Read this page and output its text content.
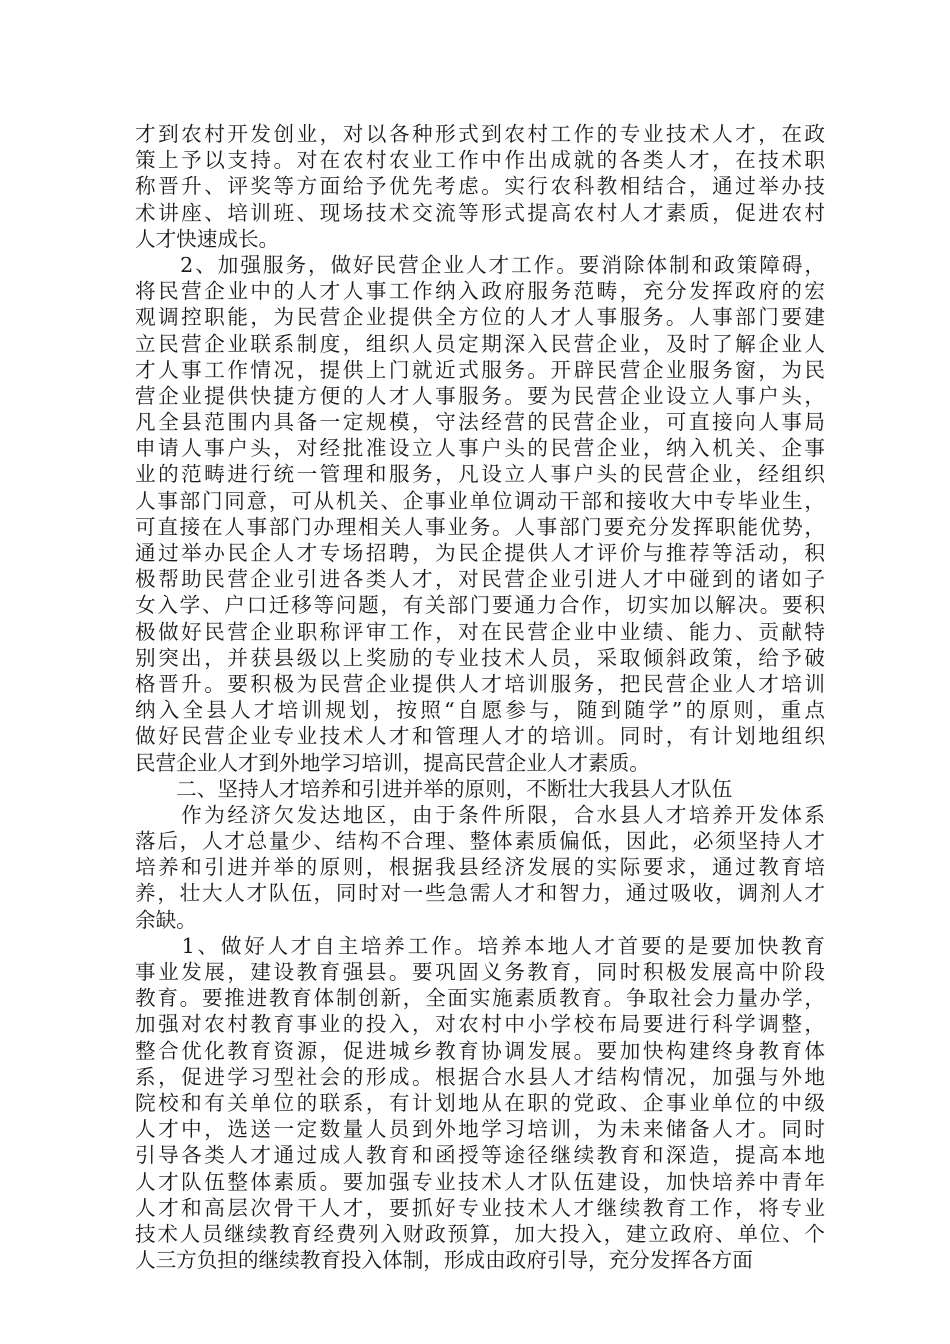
才到农村开发创业，对以各种形式到农村工作的专业技术人才，在政
策上予以支持。对在农村农业工作中作出成就的各类人才，在技术职
称晋升、评奖等方面给予优先考虑。实行农科教相结合，通过举办技
术讲座、培训班、现场技术交流等形式提高农村人才素质，促进农村
人才快速成长。
　　2、加强服务，做好民营企业人才工作。要消除体制和政策障碍，
将民营企业中的人才人事工作纳入政府服务范畴，充分发挥政府的宏
观调控职能，为民营企业提供全方位的人才人事服务。人事部门要建
立民营企业联系制度，组织人员定期深入民营企业，及时了解企业人
才人事工作情况，提供上门就近式服务。开辟民营企业服务窗，为民
营企业提供快捷方便的人才人事服务。要为民营企业设立人事户头，
凡全县范围内具备一定规模，守法经营的民营企业，可直接向人事局
申请人事户头，对经批准设立人事户头的民营企业，纳入机关、企事
业的范畴进行统一管理和服务，凡设立人事户头的民营企业，经组织
人事部门同意，可从机关、企事业单位调动干部和接收大中专毕业生，
可直接在人事部门办理相关人事业务。人事部门要充分发挥职能优势，
通过举办民企人才专场招聘，为民企提供人才评价与推荐等活动，积
极帮助民营企业引进各类人才，对民营企业引进人才中碰到的诸如子
女入学、户口迁移等问题，有关部门要通力合作，切实加以解决。要积
极做好民营企业职称评审工作，对在民营企业中业绩、能力、贡献特
别突出，并获县级以上奖励的专业技术人员，采取倾斜政策，给予破
格晋升。要积极为民营企业提供人才培训服务，把民营企业人才培训
纳入全县人才培训规划，按照“自愿参与，随到随学”的原则，重点
做好民营企业专业技术人才和管理人才的培训。同时，有计划地组织
民营企业人才到外地学习培训，提高民营企业人才素质。
　　二、坚持人才培养和引进并举的原则，不断壮大我县人才队伍
　　作为经济欠发达地区，由于条件所限，合水县人才培养开发体系
落后，人才总量少、结构不合理、整体素质偏低，因此，必须坚持人才
培养和引进并举的原则，根据我县经济发展的实际要求，通过教育培
养，壮大人才队伍，同时对一些急需人才和智力，通过吸收，调剂人才
余缺。
　　1、做好人才自主培养工作。培养本地人才首要的是要加快教育
事业发展，建设教育强县。要巩固义务教育，同时积极发展高中阶段
教育。要推进教育体制创新，全面实施素质教育。争取社会力量办学，
加强对农村教育事业的投入，对农村中小学校布局要进行科学调整，
整合优化教育资源，促进城乡教育协调发展。要加快构建终身教育体
系，促进学习型社会的形成。根据合水县人才结构情况，加强与外地
院校和有关单位的联系，有计划地从在职的党政、企事业单位的中级
人才中，选送一定数量人员到外地学习培训，为未来储备人才。同时
引导各类人才通过成人教育和函授等途径继续教育和深造，提高本地
人才队伍整体素质。要加强专业技术人才队伍建设，加快培养中青年
人才和高层次骨干人才，要抓好专业技术人才继续教育工作，将专业
技术人员继续教育经费列入财政预算，加大投入，建立政府、单位、个
人三方负担的继续教育投入体制，形成由政府引导，充分发挥各方面
